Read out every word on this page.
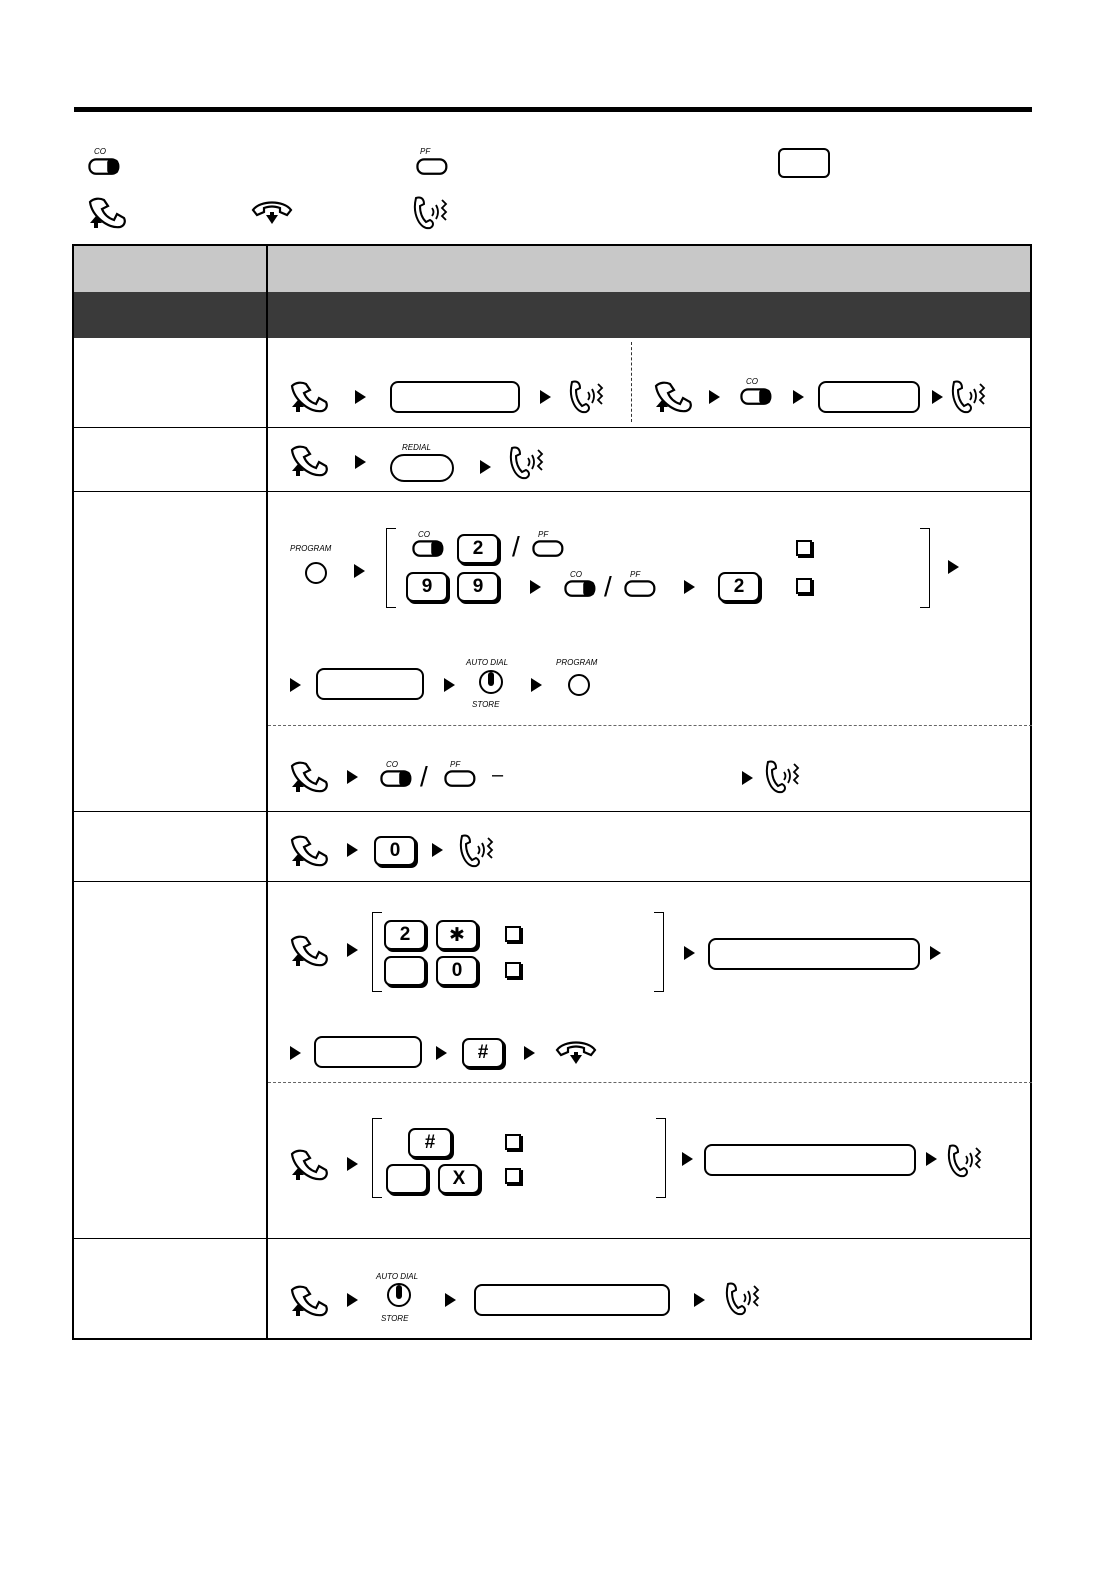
CO	PF
CO
REDIAL
PROGRAM
CO
2	/ PF
9	9
CO / PF
2
AUTO DIAL
STORE
PROGRAM
CO /	PF –
0
2	✱
0
#
#
X
AUTO DIAL
STORE
